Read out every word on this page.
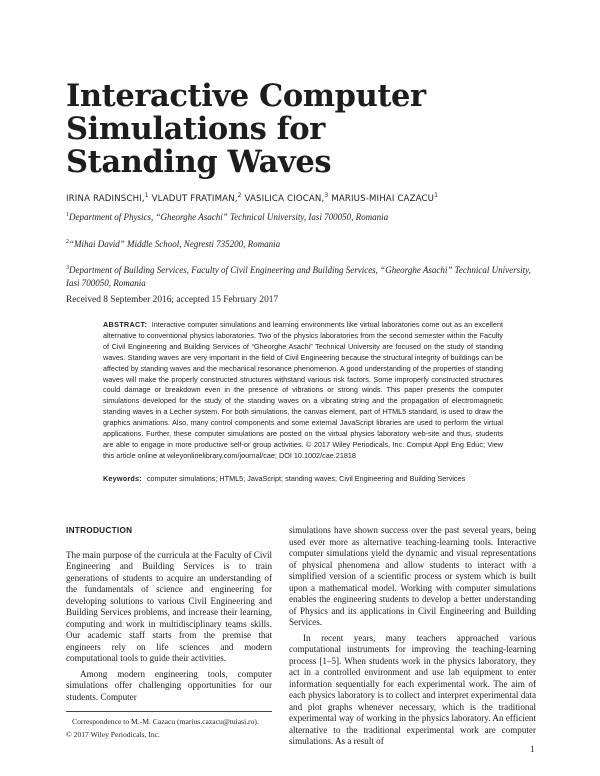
Interactive Computer Simulations for Standing Waves
IRINA RADINSCHI,$^1$ VLADUT FRATIMAN,$^2$ VASILICA CIOCAN,$^3$ MARIUS-MIHAI CAZACU$^1$
$^1$Department of Physics, “Gheorghe Asachi” Technical University, Iasi 700050, Romania
$^2$“Mihai David” Middle School, Negresti 735200, Romania
$^3$Department of Building Services, Faculty of Civil Engineering and Building Services, “Gheorghe Asachi” Technical University, Iasi 700050, Romania
Received 8 September 2016; accepted 15 February 2017
ABSTRACT: Interactive computer simulations and learning environments like virtual laboratories come out as an excellent alternative to conventional physics laboratories. Two of the physics laboratories from the second semester within the Faculty of Civil Engineering and Building Services of “Gheorghe Asachi” Technical University are focused on the study of standing waves. Standing waves are very important in the field of Civil Engineering because the structural integrity of buildings can be affected by standing waves and the mechanical resonance phenomenon. A good understanding of the properties of standing waves will make the properly constructed structures withstand various risk factors. Some improperly constructed structures could damage or breakdown even in the presence of vibrations or strong winds. This paper presents the computer simulations developed for the study of the standing waves on a vibrating string and the propagation of electromagnetic standing waves in a Lecher system. For both simulations, the canvas element, part of HTML5 standard, is used to draw the graphics animations. Also, many control components and some external JavaScript libraries are used to perform the virtual applications. Further, these computer simulations are posted on the virtual physics laboratory web-site and thus, students are able to engage in more productive self-or group activities. © 2017 Wiley Periodicals, Inc. Comput Appl Eng Educ; View this article online at wileyonlinelibrary.com/journal/cae; DOI 10.1002/cae.21818
Keywords: computer simulations; HTML5; JavaScript; standing waves; Civil Engineering and Building Services

INTRODUCTION

The main purpose of the curricula at the Faculty of Civil Engineering and Building Services is to train generations of students to acquire an understanding of the fundamentals of science and engineering for developing solutions to various Civil Engineering and Building Services problems, and increase their learning, computing and work in multidisciplinary teams skills. Our academic staff starts from the premise that engineers rely on life sciences and modern computational tools to guide their activities.

Among modern engineering tools, computer simulations offer challenging opportunities for our students. Computer

simulations have shown success over the past several years, being used ever more as alternative teaching-learning tools. Interactive computer simulations yield the dynamic and visual representations of physical phenomena and allow students to interact with a simplified version of a scientific process or system which is built upon a mathematical model. Working with computer simulations enables the engineering students to develop a better understanding of Physics and its applications in Civil Engineering and Building Services.

In recent years, many teachers approached various computational instruments for improving the teaching-learning process [1–5]. When students work in the physics laboratory, they act in a controlled environment and use lab equipment to enter information sequentially for each experimental work. The aim of each physics laboratory is to collect and interpret experimental data and plot graphs whenever necessary, which is the traditional experimental way of working in the physics laboratory. An efficient alternative to the traditional experimental work are computer simulations. As a result of

Correspondence to M.-M. Cazacu (marius.cazacu@tuiasi.ro).
© 2017 Wiley Periodicals, Inc.
1
